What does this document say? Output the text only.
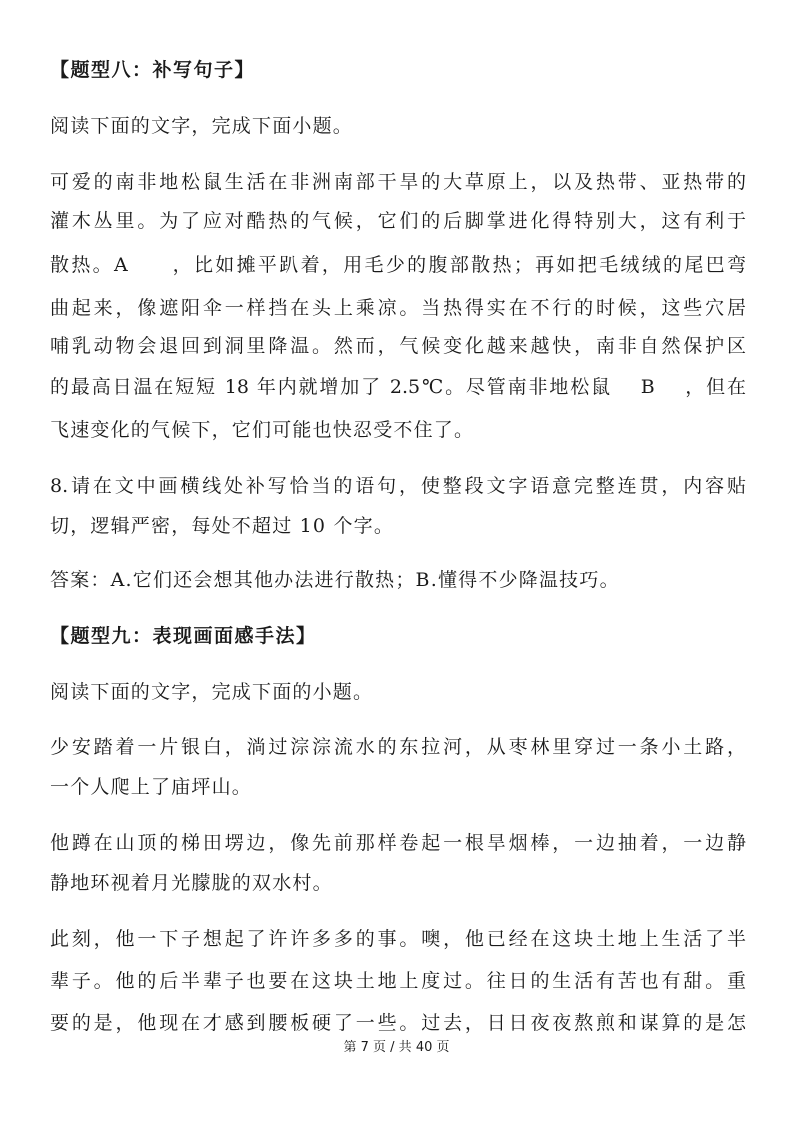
【题型八：补写句子】
阅读下面的文字，完成下面小题。
可爱的南非地松鼠生活在非洲南部干旱的大草原上，以及热带、亚热带的
灌木丛里。为了应对酷热的气候，它们的后脚掌进化得特别大，这有利于
散热。A　　，比如摊平趴着，用毛少的腹部散热；再如把毛绒绒的尾巴弯
曲起来，像遮阳伞一样挡在头上乘凉。当热得实在不行的时候，这些穴居
哺乳动物会退回到洞里降温。然而，气候变化越来越快，南非自然保护区
的最高日温在短短 18 年内就增加了 2.5℃。尽管南非地松鼠　 B　 ，但在
飞速变化的气候下，它们可能也快忍受不住了。
8.请在文中画横线处补写恰当的语句，使整段文字语意完整连贯，内容贴
切，逻辑严密，每处不超过 10 个字。
答案：A.它们还会想其他办法进行散热；B.懂得不少降温技巧。
【题型九：表现画面感手法】
阅读下面的文字，完成下面的小题。
少安踏着一片银白，淌过淙淙流水的东拉河，从枣林里穿过一条小土路，
一个人爬上了庙坪山。
他蹲在山顶的梯田塄边，像先前那样卷起一根旱烟棒，一边抽着，一边静
静地环视着月光朦胧的双水村。
此刻，他一下子想起了许许多多的事。噢，他已经在这块土地上生活了半
辈子。他的后半辈子也要在这块土地上度过。往日的生活有苦也有甜。重
要的是，他现在才感到腰板硬了一些。过去，日日夜夜熬煎和谋算的是怎
第 7 页 / 共 40 页
